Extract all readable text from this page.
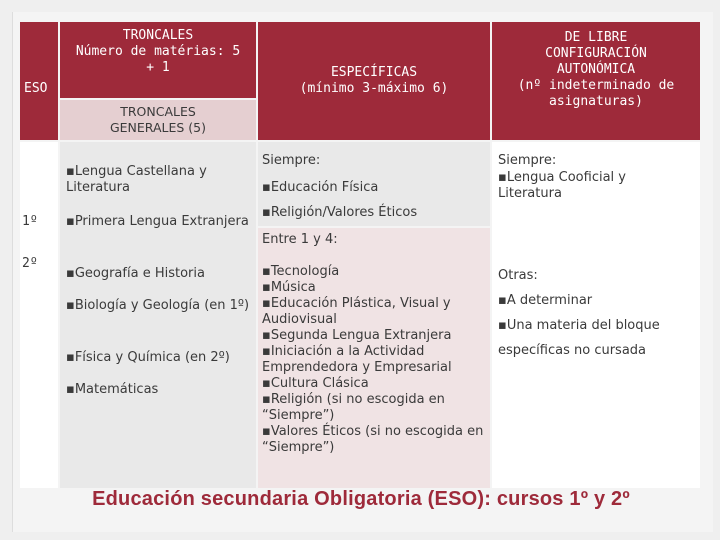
ESO
TRONCALES
Número de matérias: 5
+ 1
TRONCALES
GENERALES (5)
ESPECÍFICAS
(mínimo 3-máximo 6)
DE LIBRE
CONFIGURACIÓN
AUTONÓMICA
(nº indeterminado de
asignaturas)
1º
2º
▪Lengua Castellana y Literatura
▪Primera Lengua Extranjera
▪Geografía e Historia
▪Biología y Geología (en 1º)
▪Física y Química (en 2º)
▪Matemáticas
Siempre:
▪Educación Física
▪Religión/Valores Éticos
Entre 1 y 4:
▪ Tecnología
▪ Música
▪ Educación Plástica, Visual y Audiovisual
▪ Segunda Lengua Extranjera
▪ Iniciación a la Actividad Emprendedora y Empresarial
▪ Cultura Clásica
▪ Religión (si no escogida en “Siempre”)
▪ Valores Éticos (si no escogida en “Siempre”)
Siempre:
▪Lengua Cooficial y Literatura
Otras:
▪A determinar
▪Una materia del bloque
específicas no cursada
Educación secundaria Obligatoria (ESO): cursos 1º y 2º
